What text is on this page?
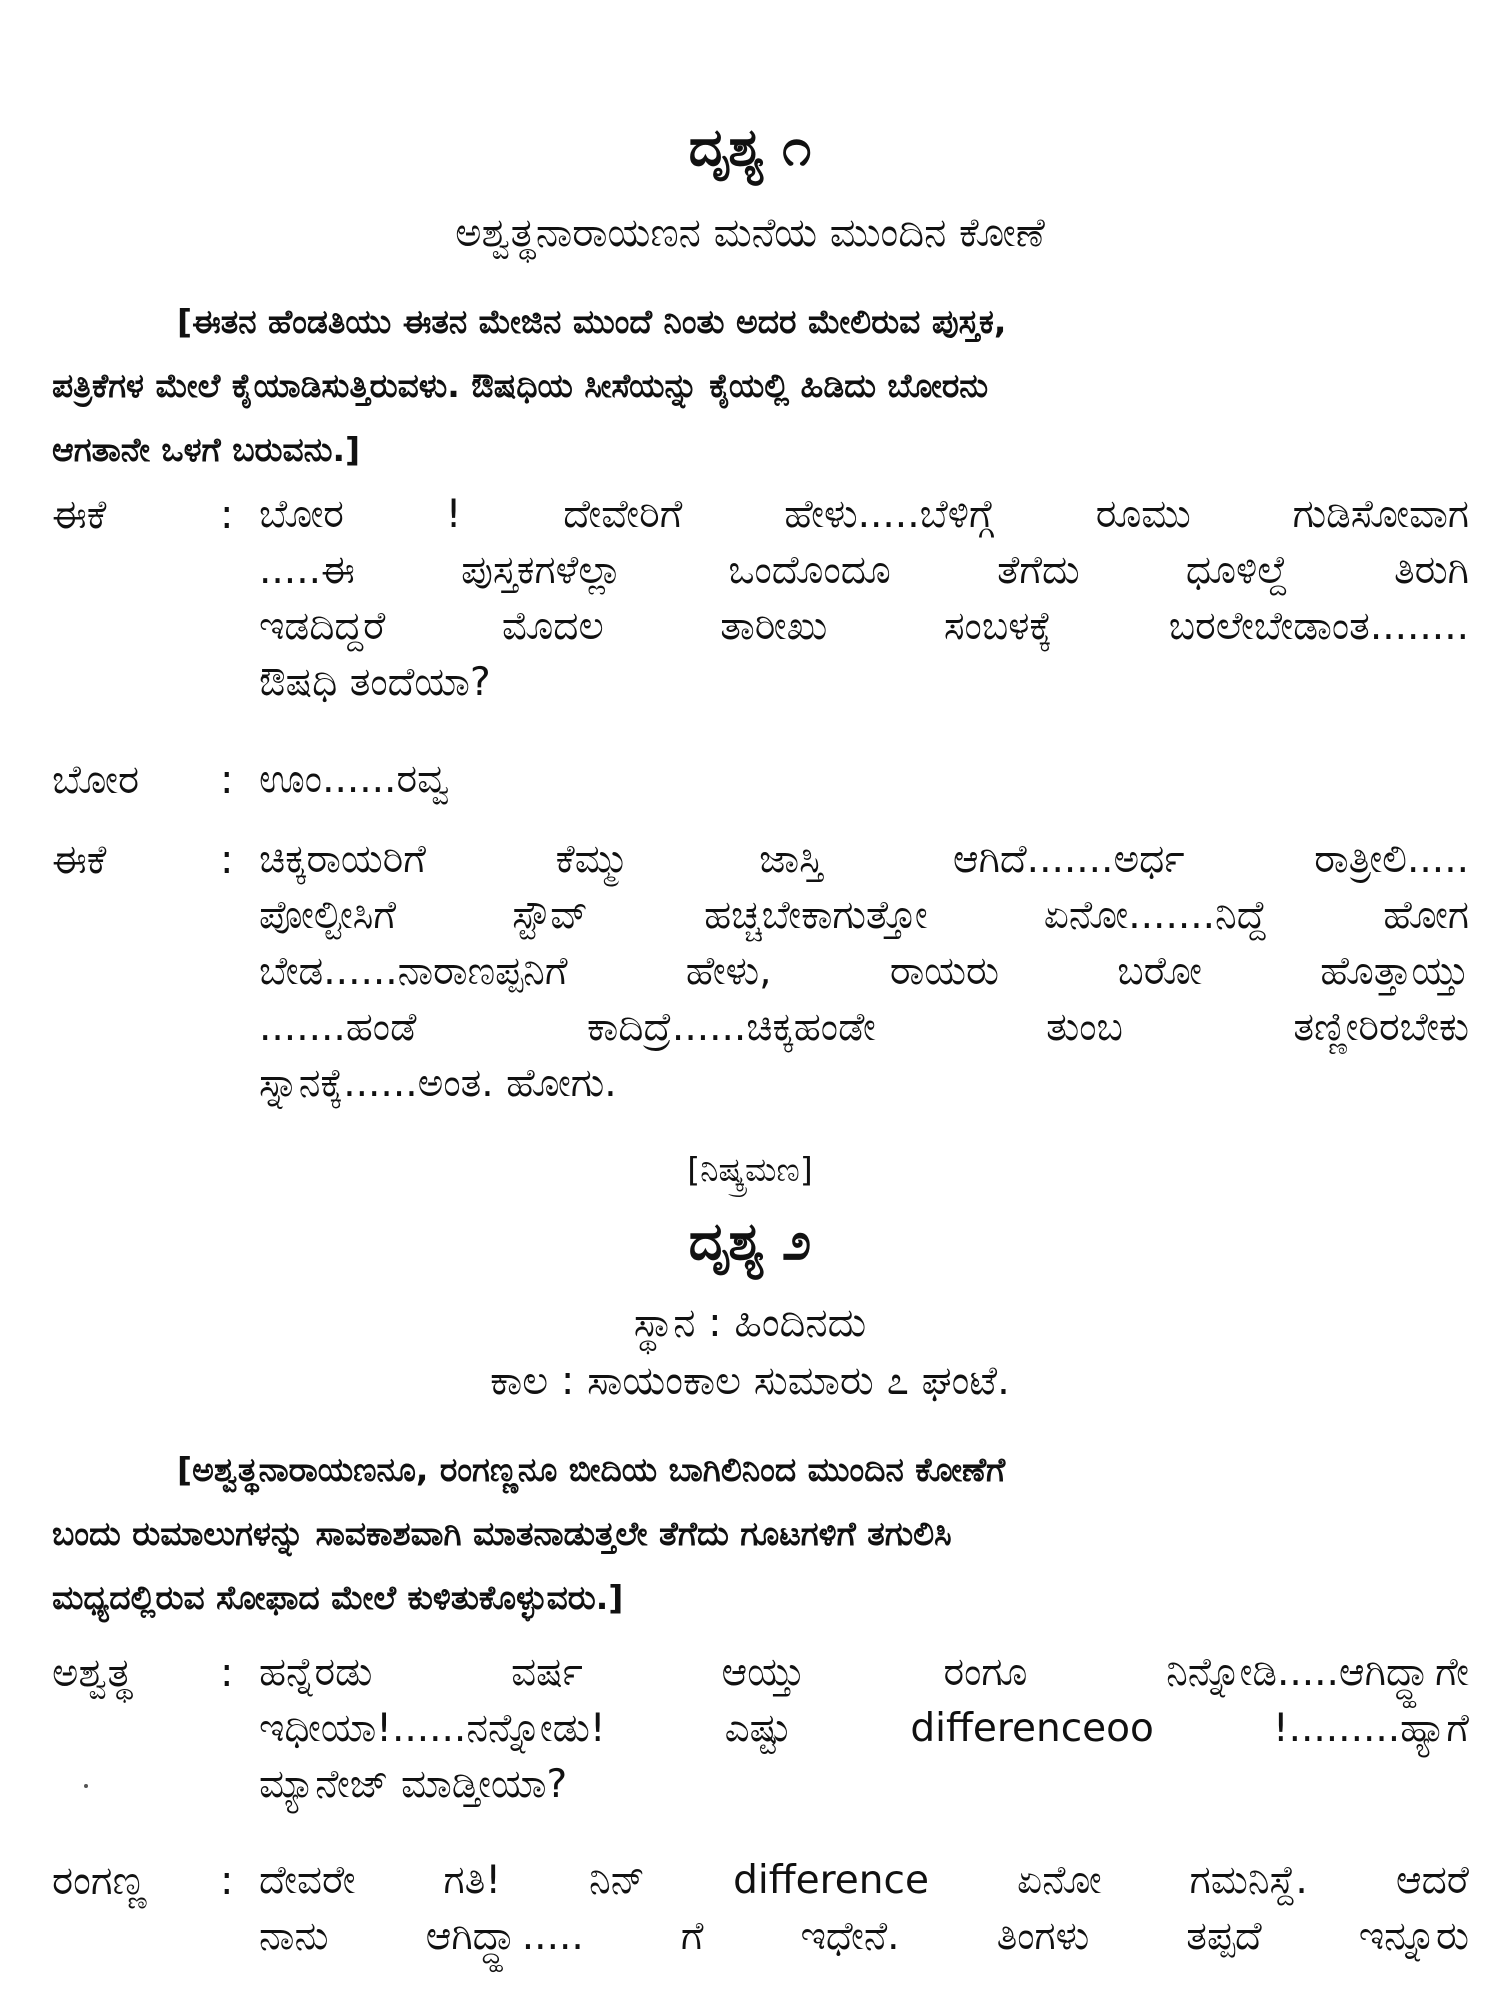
ದೃಶ್ಯ ೧
ಅಶ್ವತ್ಥನಾರಾಯಣನ ಮನೆಯ ಮುಂದಿನ ಕೋಣೆ
[ಈತನ ಹೆಂಡತಿಯು ಈತನ ಮೇಜಿನ ಮುಂದೆ ನಿಂತು ಅದರ ಮೇಲಿರುವ ಪುಸ್ತಕ,
ಪತ್ರಿಕೆಗಳ ಮೇಲೆ ಕೈಯಾಡಿಸುತ್ತಿರುವಳು. ಔಷಧಿಯ ಸೀಸೆಯನ್ನು ಕೈಯಲ್ಲಿ ಹಿಡಿದು ಬೋರನು
ಆಗತಾನೇ ಒಳಗೆ ಬರುವನು.]
ಈಕೆ	: ಬೋರ ! ದೇವೇರಿಗೆ ಹೇಳು.....ಬೆಳಿಗ್ಗೆ ರೂಮು ಗುಡಿಸೋವಾಗ
.....ಈ ಪುಸ್ತಕಗಳೆಲ್ಲಾ ಒಂದೊಂದೂ ತೆಗೆದು ಧೂಳಿಲ್ದೆ ತಿರುಗಿ
ಇಡದಿದ್ದರೆ ಮೊದಲ ತಾರೀಖು ಸಂಬಳಕ್ಕೆ ಬರಲೇಬೇಡಾಂತ........
ಔಷಧಿ ತಂದೆಯಾ?
ಬೋರ : ಊಂ......ರವ್ವ
ಈಕೆ	: ಚಿಕ್ಕರಾಯರಿಗೆ ಕೆಮ್ಮು ಜಾಸ್ತಿ ಆಗಿದೆ.......ಅರ್ಧ ರಾತ್ರೀಲಿ.....
ಪೋಲ್ಟೀಸಿಗೆ ಸ್ಟೌವ್ ಹಚ್ಚಬೇಕಾಗುತ್ತೋ ಏನೋ.......ನಿದ್ದೆ ಹೋಗ
ಬೇಡ......ನಾರಾಣಪ್ಪನಿಗೆ ಹೇಳು, ರಾಯರು ಬರೋ ಹೊತ್ತಾಯ್ತು
.......ಹಂಡೆ ಕಾದಿದ್ರೆ......ಚಿಕ್ಕಹಂಡೇ ತುಂಬ ತಣ್ಣೀರಿರಬೇಕು
ಸ್ನಾನಕ್ಕೆ......ಅಂತ. ಹೋಗು.
[ನಿಷ್ಕ್ರಮಣ]
ದೃಶ್ಯ ೨
ಸ್ಥಾನ : ಹಿಂದಿನದು
ಕಾಲ : ಸಾಯಂಕಾಲ ಸುಮಾರು ೭ ಘಂಟೆ.
[ಅಶ್ವತ್ಥನಾರಾಯಣನೂ, ರಂಗಣ್ಣನೂ ಬೀದಿಯ ಬಾಗಿಲಿನಿಂದ ಮುಂದಿನ ಕೋಣೆಗೆ
ಬಂದು ರುಮಾಲುಗಳನ್ನು ಸಾವಕಾಶವಾಗಿ ಮಾತನಾಡುತ್ತಲೇ ತೆಗೆದು ಗೂಟಗಳಿಗೆ ತಗುಲಿಸಿ
ಮಧ್ಯದಲ್ಲಿರುವ ಸೋಫಾದ ಮೇಲೆ ಕುಳಿತುಕೊಳ್ಳುವರು.]
ಅಶ್ವತ್ಥ : ಹನ್ನೆರಡು ವರ್ಷ ಆಯ್ತು ರಂಗೂ ನಿನ್ನೋಡಿ.....ಆಗಿದ್ದ್ಹಾಗೇ
ಇಧೀಯಾ!......ನನ್ನೋಡು! ಎಷ್ಟು differenceoo !.........ಹ್ಯಾಗೆ
ಮ್ಯಾನೇಜ್ ಮಾಡ್ತೀಯಾ?
ರಂಗಣ್ಣ : ದೇವರೇ ಗತಿ! ನಿನ್ difference ಏನೋ ಗಮನಿಸ್ದೆ. ಆದರೆ
ನಾನು ಆಗಿದ್ದ್ಹಾ..... ಗೆ ಇಧೇನೆ. ತಿಂಗಳು ತಪ್ಪದೆ ಇನ್ನೂರು
